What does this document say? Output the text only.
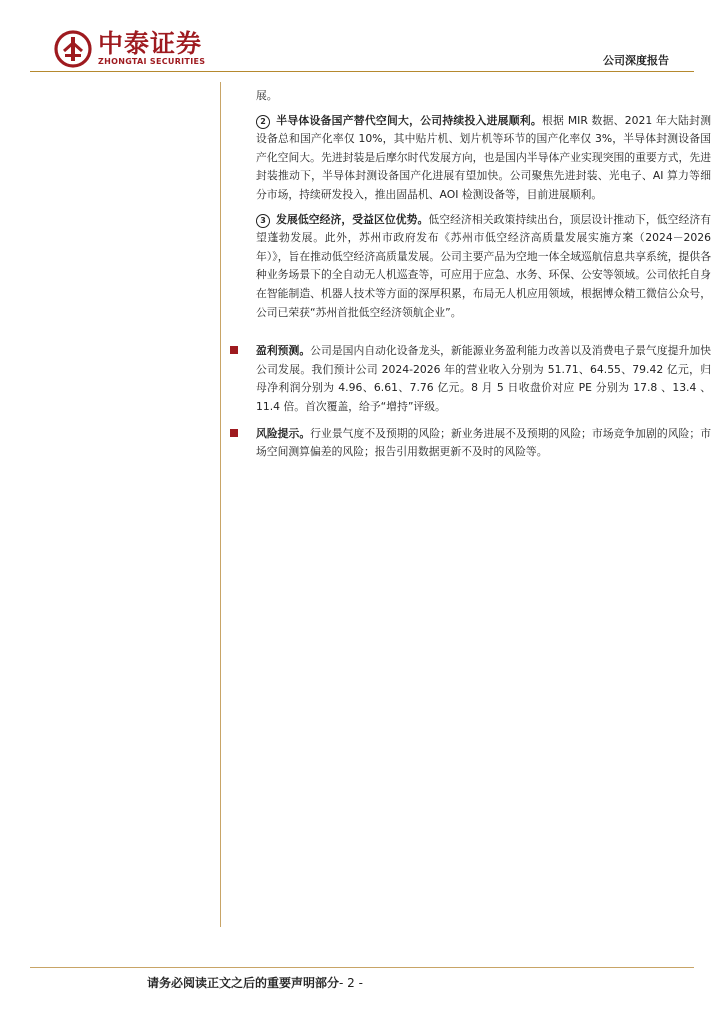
中泰证券
ZHONGTAI SECURITIES	公司深度报告

展。

2 半导体设备国产替代空间大，公司持续投入进展顺利。根据 MIR 数据、2021 年大陆封测设备总和国产化率仅 10%，其中贴片机、划片机等环节的国产化率仅 3%，半导体封测设备国产化空间大。先进封装是后摩尔时代发展方向，也是国内半导体产业实现突围的重要方式，先进封装推动下，半导体封测设备国产化进展有望加快。公司聚焦先进封装、光电子、AI 算力等细分市场，持续研发投入，推出固晶机、AOI 检测设备等，目前进展顺利。

3 发展低空经济，受益区位优势。低空经济相关政策持续出台，顶层设计推动下，低空经济有望蓬勃发展。此外，苏州市政府发布《苏州市低空经济高质量发展实施方案（2024－2026 年）》，旨在推动低空经济高质量发展。公司主要产品为空地一体全域巡航信息共享系统，提供各种业务场景下的全自动无人机巡查等，可应用于应急、水务、环保、公安等领域。公司依托自身在智能制造、机器人技术等方面的深厚积累，布局无人机应用领域，根据博众精工微信公众号，公司已荣获“苏州首批低空经济领航企业”。

盈利预测。公司是国内自动化设备龙头，新能源业务盈利能力改善以及消费电子景气度提升加快公司发展。我们预计公司 2024-2026 年的营业收入分别为 51.71、64.55、79.42 亿元，归母净利润分别为 4.96、6.61、7.76 亿元。8 月 5 日收盘价对应 PE 分别为 17.8 、13.4 、11.4 倍。首次覆盖，给予“增持”评级。

风险提示。行业景气度不及预期的风险；新业务进展不及预期的风险；市场竞争加剧的风险；市场空间测算偏差的风险；报告引用数据更新不及时的风险等。

请务必阅读正文之后的重要声明部分- 2 -
